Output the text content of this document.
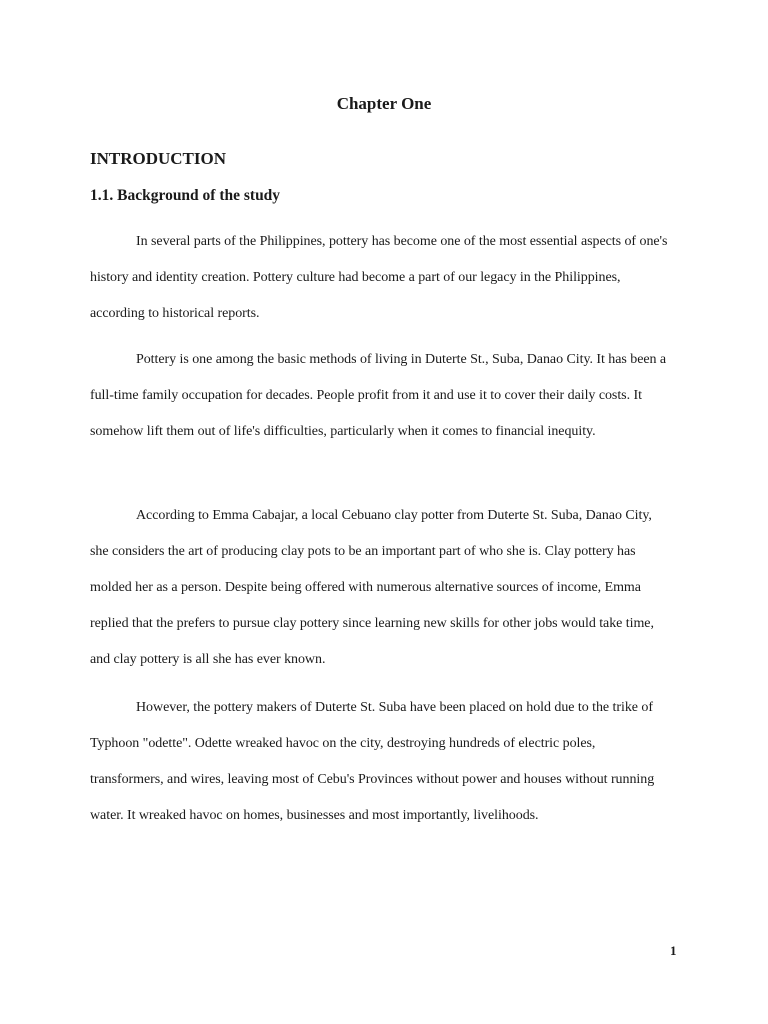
Chapter One
INTRODUCTION
1.1. Background of the study

In several parts of the Philippines, pottery has become one of the most essential aspects of one's history and identity creation. Pottery culture had become a part of our legacy in the Philippines, according to historical reports.

Pottery is one among the basic methods of living in Duterte St., Suba, Danao City. It has been a full-time family occupation for decades. People profit from it and use it to cover their daily costs. It somehow lift them out of life's difficulties, particularly when it comes to financial inequity.

According to Emma Cabajar, a local Cebuano clay potter from Duterte St. Suba, Danao City, she considers the art of producing clay pots to be an important part of who she is. Clay pottery has molded her as a person. Despite being offered with numerous alternative sources of income, Emma replied that the prefers to pursue clay pottery since learning new skills for other jobs would take time, and clay pottery is all she has ever known.

However, the pottery makers of Duterte St. Suba have been placed on hold due to the trike of Typhoon "odette". Odette wreaked havoc on the city, destroying hundreds of electric poles, transformers, and wires, leaving most of Cebu's Provinces without power and houses without running water. It wreaked havoc on homes, businesses and most importantly, livelihoods.

1
